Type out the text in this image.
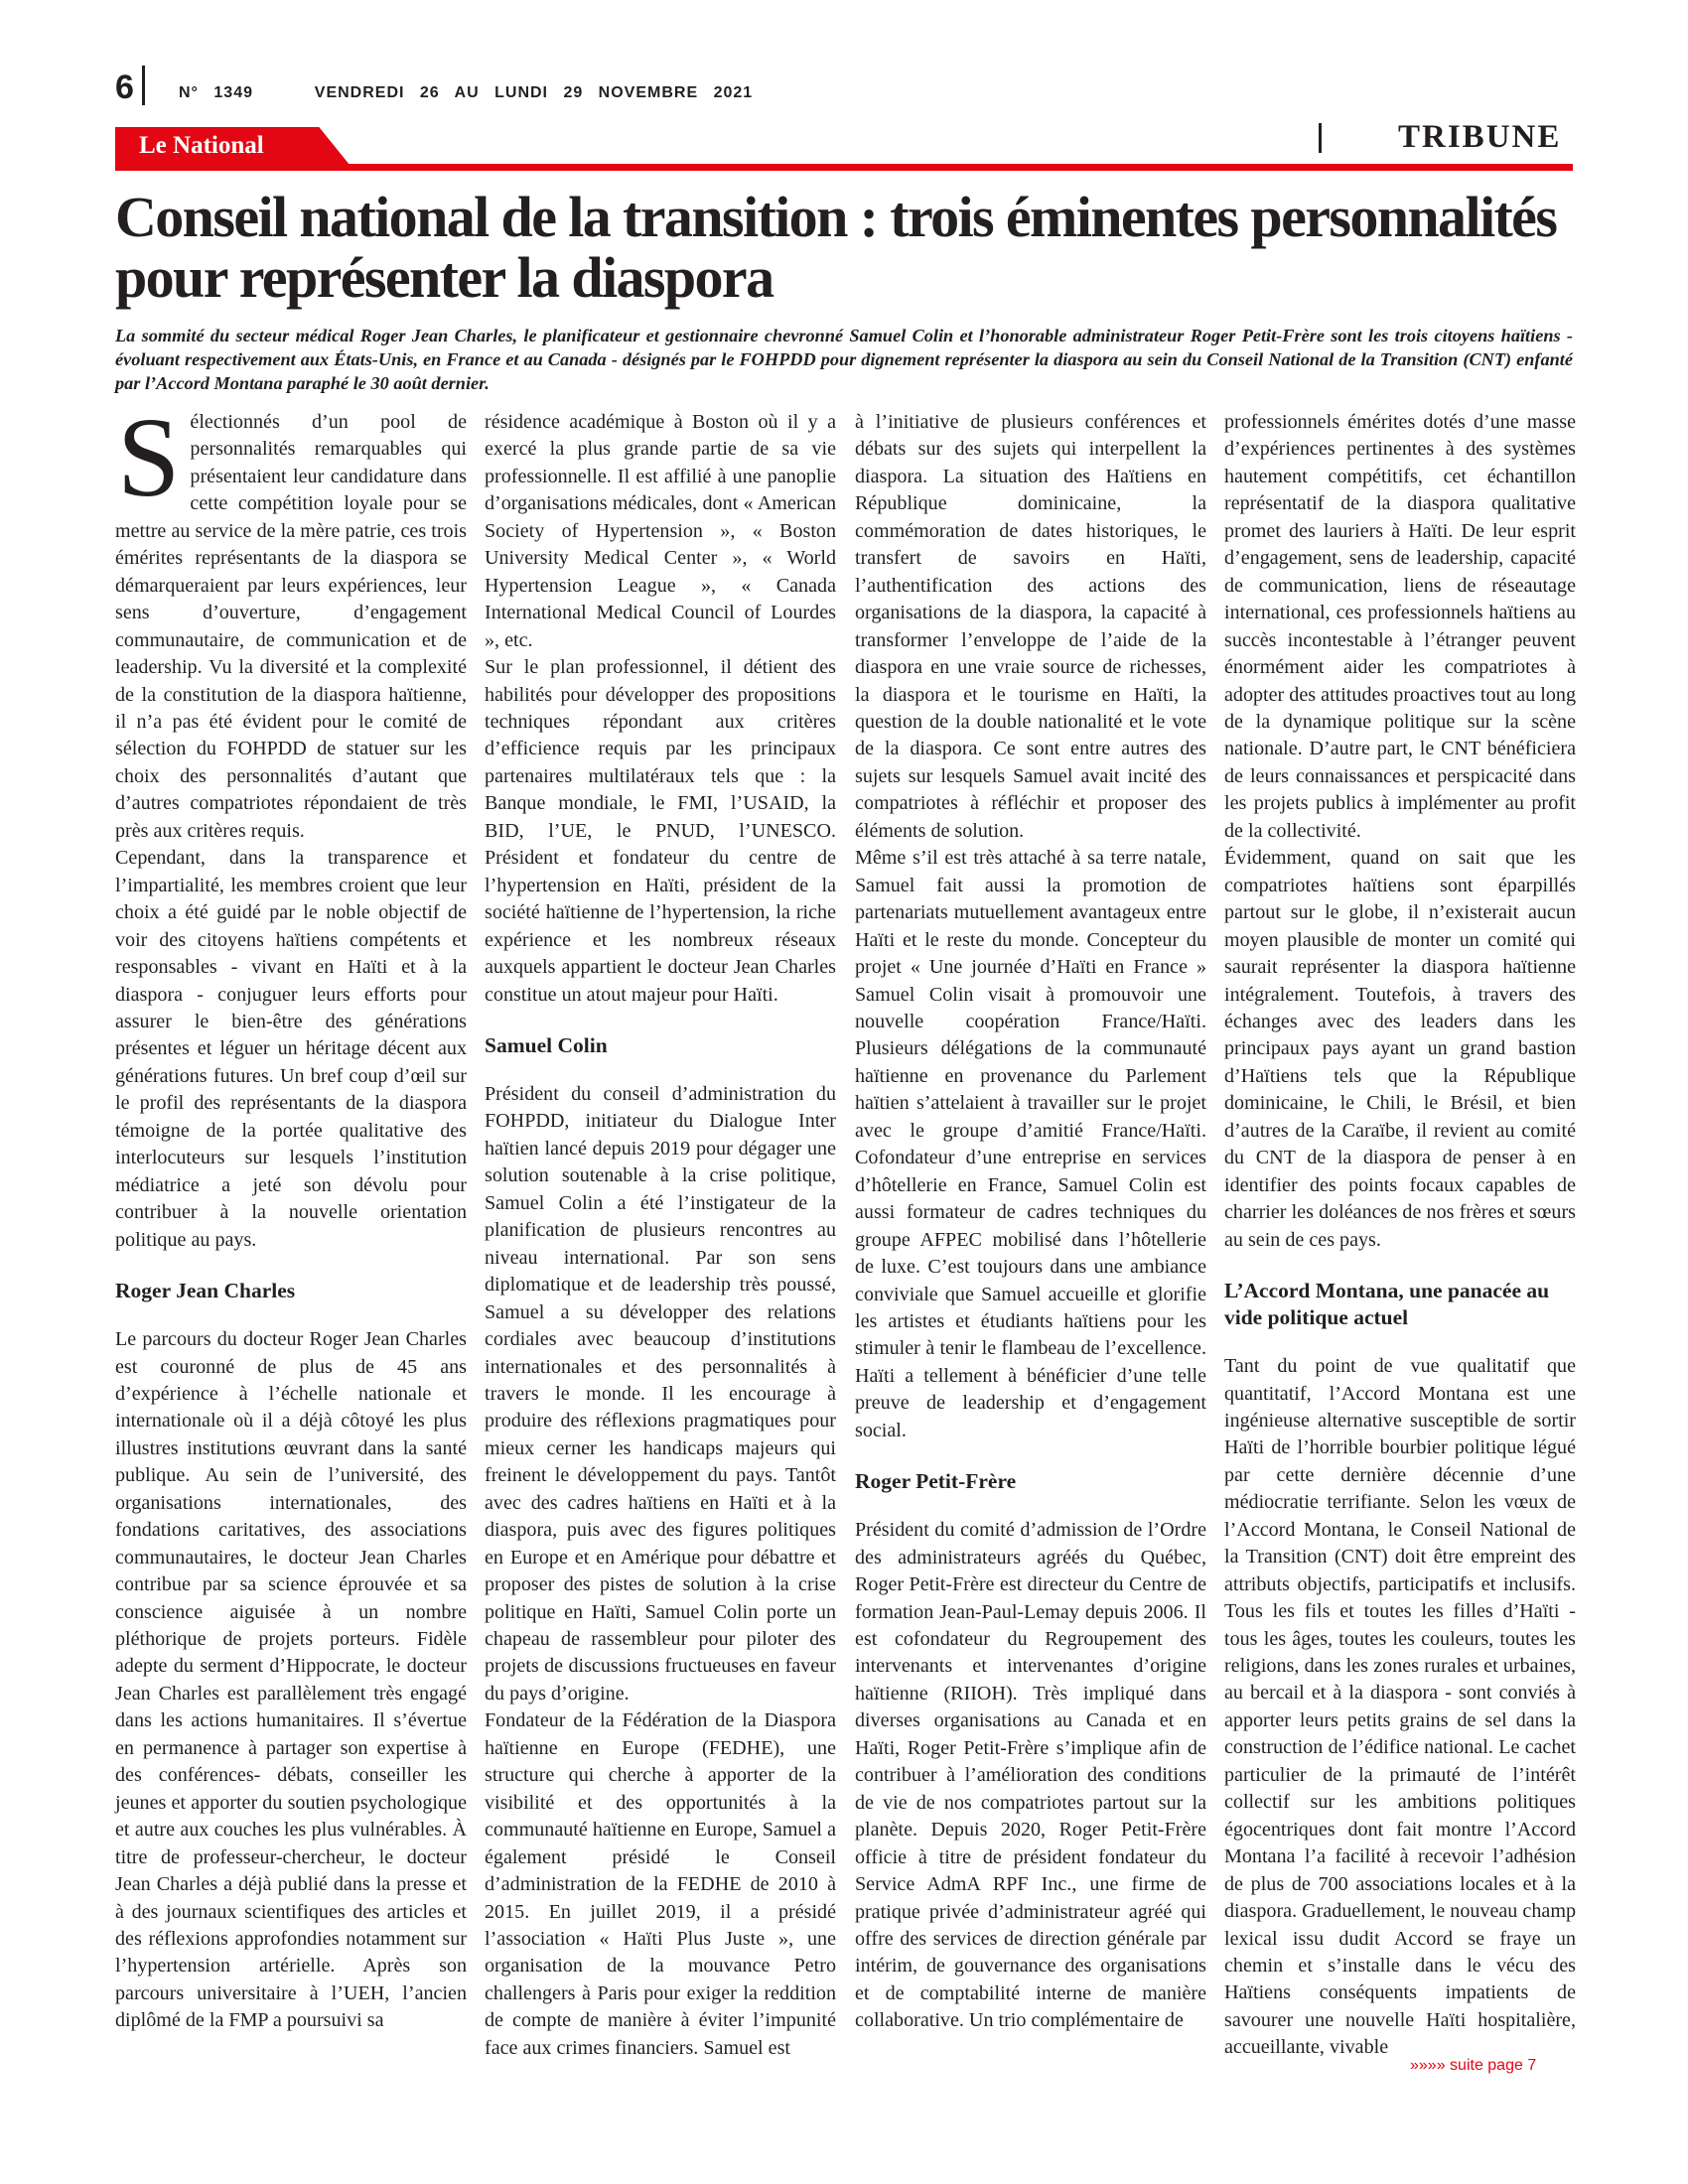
6	N° 1349	VENDREDI 26 AU LUNDI 29 NOVEMBRE 2021
Le National	TRIBUNE
Conseil national de la transition : trois éminentes personnalités pour représenter la diaspora

La sommité du secteur médical Roger Jean Charles, le planificateur et gestionnaire chevronné Samuel Colin et l’honorable administrateur Roger Petit-Frère sont les trois citoyens haïtiens - évoluant respectivement aux États-Unis, en France et au Canada - désignés par le FOHPDD pour dignement représenter la diaspora au sein du Conseil National de la Transition (CNT) enfanté par l’Accord Montana paraphé le 30 août dernier.

Sélectionnés d’un pool de personnalités remarquables qui présentaient leur candidature dans cette compétition loyale pour se mettre au service de la mère patrie, ces trois émérites représentants de la diaspora se démarqueraient par leurs expériences, leur sens d’ouverture, d’engagement communautaire, de communication et de leadership. Vu la diversité et la complexité de la constitution de la diaspora haïtienne, il n’a pas été évident pour le comité de sélection du FOHPDD de statuer sur les choix des personnalités d’autant que d’autres compatriotes répondaient de très près aux critères requis.

Cependant, dans la transparence et l’impartialité, les membres croient que leur choix a été guidé par le noble objectif de voir des citoyens haïtiens compétents et responsables - vivant en Haïti et à la diaspora - conjuguer leurs efforts pour assurer le bien-être des générations présentes et léguer un héritage décent aux générations futures. Un bref coup d’œil sur le profil des représentants de la diaspora témoigne de la portée qualitative des interlocuteurs sur lesquels l’institution médiatrice a jeté son dévolu pour contribuer à la nouvelle orientation politique au pays.

Roger Jean Charles

Le parcours du docteur Roger Jean Charles est couronné de plus de 45 ans d’expérience à l’échelle nationale et internationale où il a déjà côtoyé les plus illustres institutions œuvrant dans la santé publique. Au sein de l’université, des organisations internationales, des fondations caritatives, des associations communautaires, le docteur Jean Charles contribue par sa science éprouvée et sa conscience aiguisée à un nombre pléthorique de projets porteurs. Fidèle adepte du serment d’Hippocrate, le docteur Jean Charles est parallèlement très engagé dans les actions humanitaires. Il s’évertue en permanence à partager son expertise à des conférences- débats, conseiller les jeunes et apporter du soutien psychologique et autre aux couches les plus vulnérables. À titre de professeur-chercheur, le docteur Jean Charles a déjà publié dans la presse et à des journaux scientifiques des articles et des réflexions approfondies notamment sur l’hypertension artérielle. Après son parcours universitaire à l’UEH, l’ancien diplômé de la FMP a poursuivi sa

résidence académique à Boston où il y a exercé la plus grande partie de sa vie professionnelle. Il est affilié à une panoplie d’organisations médicales, dont « American Society of Hypertension », « Boston University Medical Center », « World Hypertension League », « Canada International Medical Council of Lourdes », etc.

Sur le plan professionnel, il détient des habilités pour développer des propositions techniques répondant aux critères d’efficience requis par les principaux partenaires multilatéraux tels que : la Banque mondiale, le FMI, l’USAID, la BID, l’UE, le PNUD, l’UNESCO. Président et fondateur du centre de l’hypertension en Haïti, président de la société haïtienne de l’hypertension, la riche expérience et les nombreux réseaux auxquels appartient le docteur Jean Charles constitue un atout majeur pour Haïti.

Samuel Colin

Président du conseil d’administration du FOHPDD, initiateur du Dialogue Inter haïtien lancé depuis 2019 pour dégager une solution soutenable à la crise politique, Samuel Colin a été l’instigateur de la planification de plusieurs rencontres au niveau international. Par son sens diplomatique et de leadership très poussé, Samuel a su développer des relations cordiales avec beaucoup d’institutions internationales et des personnalités à travers le monde. Il les encourage à produire des réflexions pragmatiques pour mieux cerner les handicaps majeurs qui freinent le développement du pays. Tantôt avec des cadres haïtiens en Haïti et à la diaspora, puis avec des figures politiques en Europe et en Amérique pour débattre et proposer des pistes de solution à la crise politique en Haïti, Samuel Colin porte un chapeau de rassembleur pour piloter des projets de discussions fructueuses en faveur du pays d’origine.

Fondateur de la Fédération de la Diaspora haïtienne en Europe (FEDHE), une structure qui cherche à apporter de la visibilité et des opportunités à la communauté haïtienne en Europe, Samuel a également présidé le Conseil d’administration de la FEDHE de 2010 à 2015. En juillet 2019, il a présidé l’association « Haïti Plus Juste », une organisation de la mouvance Petro challengers à Paris pour exiger la reddition de compte de manière à éviter l’impunité face aux crimes financiers. Samuel est

à l’initiative de plusieurs conférences et débats sur des sujets qui interpellent la diaspora. La situation des Haïtiens en République dominicaine, la commémoration de dates historiques, le transfert de savoirs en Haïti, l’authentification des actions des organisations de la diaspora, la capacité à transformer l’enveloppe de l’aide de la diaspora en une vraie source de richesses, la diaspora et le tourisme en Haïti, la question de la double nationalité et le vote de la diaspora. Ce sont entre autres des sujets sur lesquels Samuel avait incité des compatriotes à réfléchir et proposer des éléments de solution.

Même s’il est très attaché à sa terre natale, Samuel fait aussi la promotion de partenariats mutuellement avantageux entre Haïti et le reste du monde. Concepteur du projet « Une journée d’Haïti en France » Samuel Colin visait à promouvoir une nouvelle coopération France/Haïti. Plusieurs délégations de la communauté haïtienne en provenance du Parlement haïtien s’attelaient à travailler sur le projet avec le groupe d’amitié France/Haïti. Cofondateur d’une entreprise en services d’hôtellerie en France, Samuel Colin est aussi formateur de cadres techniques du groupe AFPEC mobilisé dans l’hôtellerie de luxe. C’est toujours dans une ambiance conviviale que Samuel accueille et glorifie les artistes et étudiants haïtiens pour les stimuler à tenir le flambeau de l’excellence. Haïti a tellement à bénéficier d’une telle preuve de leadership et d’engagement social.

Roger Petit-Frère

Président du comité d’admission de l’Ordre des administrateurs agréés du Québec, Roger Petit-Frère est directeur du Centre de formation Jean-Paul-Lemay depuis 2006. Il est cofondateur du Regroupement des intervenants et intervenantes d’origine haïtienne (RIIOH). Très impliqué dans diverses organisations au Canada et en Haïti, Roger Petit-Frère s’implique afin de contribuer à l’amélioration des conditions de vie de nos compatriotes partout sur la planète. Depuis 2020, Roger Petit-Frère officie à titre de président fondateur du Service AdmA RPF Inc., une firme de pratique privée d’administrateur agréé qui offre des services de direction générale par intérim, de gouvernance des organisations et de comptabilité interne de manière collaborative. Un trio complémentaire de

professionnels émérites dotés d’une masse d’expériences pertinentes à des systèmes hautement compétitifs, cet échantillon représentatif de la diaspora qualitative promet des lauriers à Haïti. De leur esprit d’engagement, sens de leadership, capacité de communication, liens de réseautage international, ces professionnels haïtiens au succès incontestable à l’étranger peuvent énormément aider les compatriotes à adopter des attitudes proactives tout au long de la dynamique politique sur la scène nationale. D’autre part, le CNT bénéficiera de leurs connaissances et perspicacité dans les projets publics à implémenter au profit de la collectivité.

Évidemment, quand on sait que les compatriotes haïtiens sont éparpillés partout sur le globe, il n’existerait aucun moyen plausible de monter un comité qui saurait représenter la diaspora haïtienne intégralement. Toutefois, à travers des échanges avec des leaders dans les principaux pays ayant un grand bastion d’Haïtiens tels que la République dominicaine, le Chili, le Brésil, et bien d’autres de la Caraïbe, il revient au comité du CNT de la diaspora de penser à en identifier des points focaux capables de charrier les doléances de nos frères et sœurs au sein de ces pays.

L’Accord Montana, une panacée au vide politique actuel

Tant du point de vue qualitatif que quantitatif, l’Accord Montana est une ingénieuse alternative susceptible de sortir Haïti de l’horrible bourbier politique légué par cette dernière décennie d’une médiocratie terrifiante. Selon les vœux de l’Accord Montana, le Conseil National de la Transition (CNT) doit être empreint des attributs objectifs, participatifs et inclusifs. Tous les fils et toutes les filles d’Haïti - tous les âges, toutes les couleurs, toutes les religions, dans les zones rurales et urbaines, au bercail et à la diaspora - sont conviés à apporter leurs petits grains de sel dans la construction de l’édifice national. Le cachet particulier de la primauté de l’intérêt collectif sur les ambitions politiques égocentriques dont fait montre l’Accord Montana l’a facilité à recevoir l’adhésion de plus de 700 associations locales et à la diaspora. Graduellement, le nouveau champ lexical issu dudit Accord se fraye un chemin et s’installe dans le vécu des Haïtiens conséquents impatients de savourer une nouvelle Haïti hospitalière, accueillante, vivable

»»»» suite page 7
